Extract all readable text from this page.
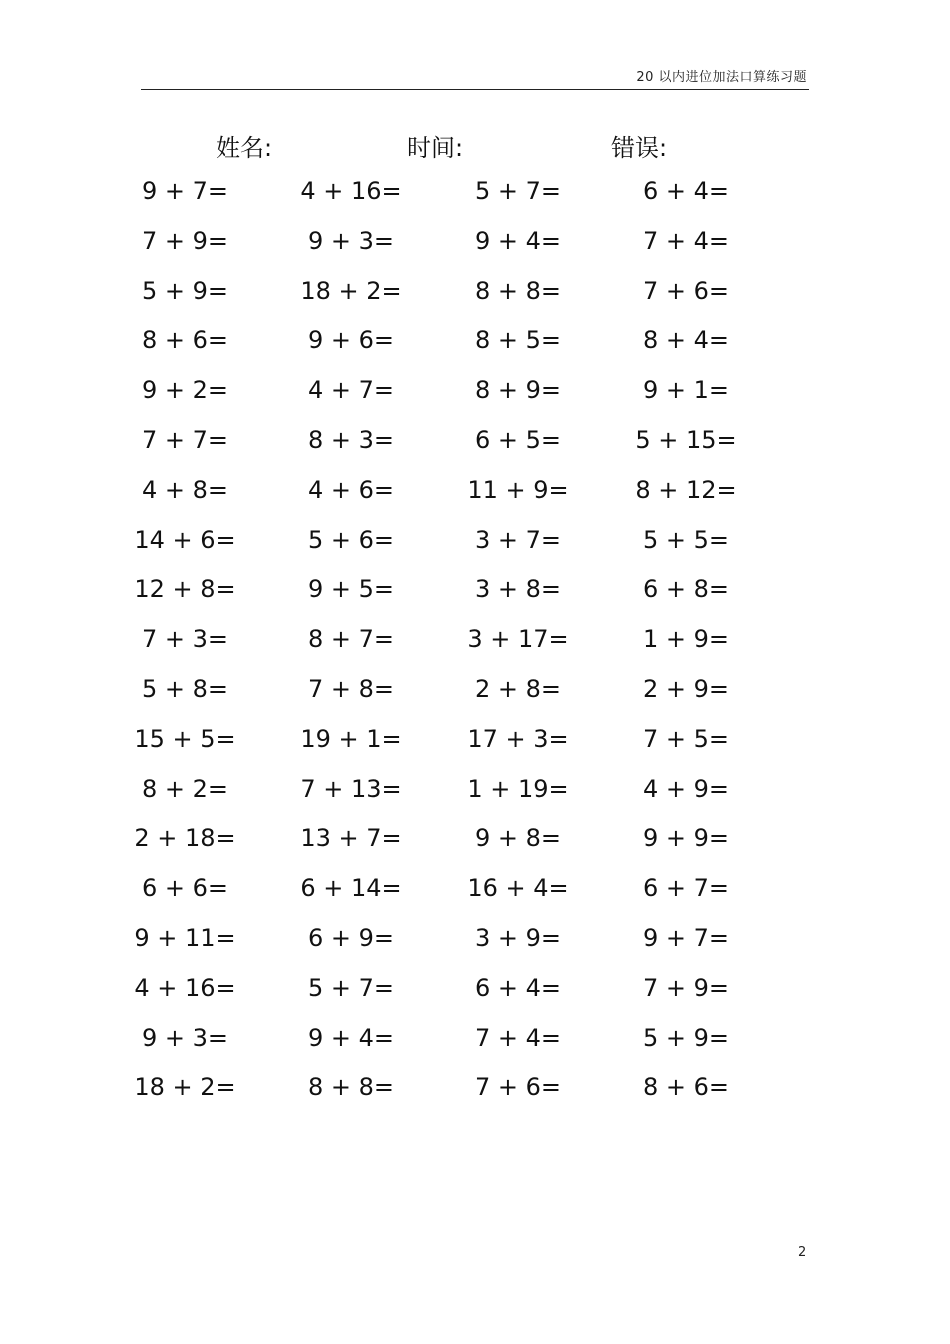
20 以内进位加法口算练习题
姓名:	时间:	错误:
9 + 7=	4 + 16=	5 + 7=	6 + 4=
7 + 9=	9 + 3=	9 + 4=	7 + 4=
5 + 9=	18 + 2=	8 + 8=	7 + 6=
8 + 6=	9 + 6=	8 + 5=	8 + 4=
9 + 2=	4 + 7=	8 + 9=	9 + 1=
7 + 7=	8 + 3=	6 + 5=	5 + 15=
4 + 8=	4 + 6=	11 + 9=	8 + 12=
14 + 6=	5 + 6=	3 + 7=	5 + 5=
12 + 8=	9 + 5=	3 + 8=	6 + 8=
7 + 3=	8 + 7=	3 + 17=	1 + 9=
5 + 8=	7 + 8=	2 + 8=	2 + 9=
15 + 5=	19 + 1=	17 + 3=	7 + 5=
8 + 2=	7 + 13=	1 + 19=	4 + 9=
2 + 18=	13 + 7=	9 + 8=	9 + 9=
6 + 6=	6 + 14=	16 + 4=	6 + 7=
9 + 11=	6 + 9=	3 + 9=	9 + 7=
4 + 16=	5 + 7=	6 + 4=	7 + 9=
9 + 3=	9 + 4=	7 + 4=	5 + 9=
18 + 2=	8 + 8=	7 + 6=	8 + 6=
2
